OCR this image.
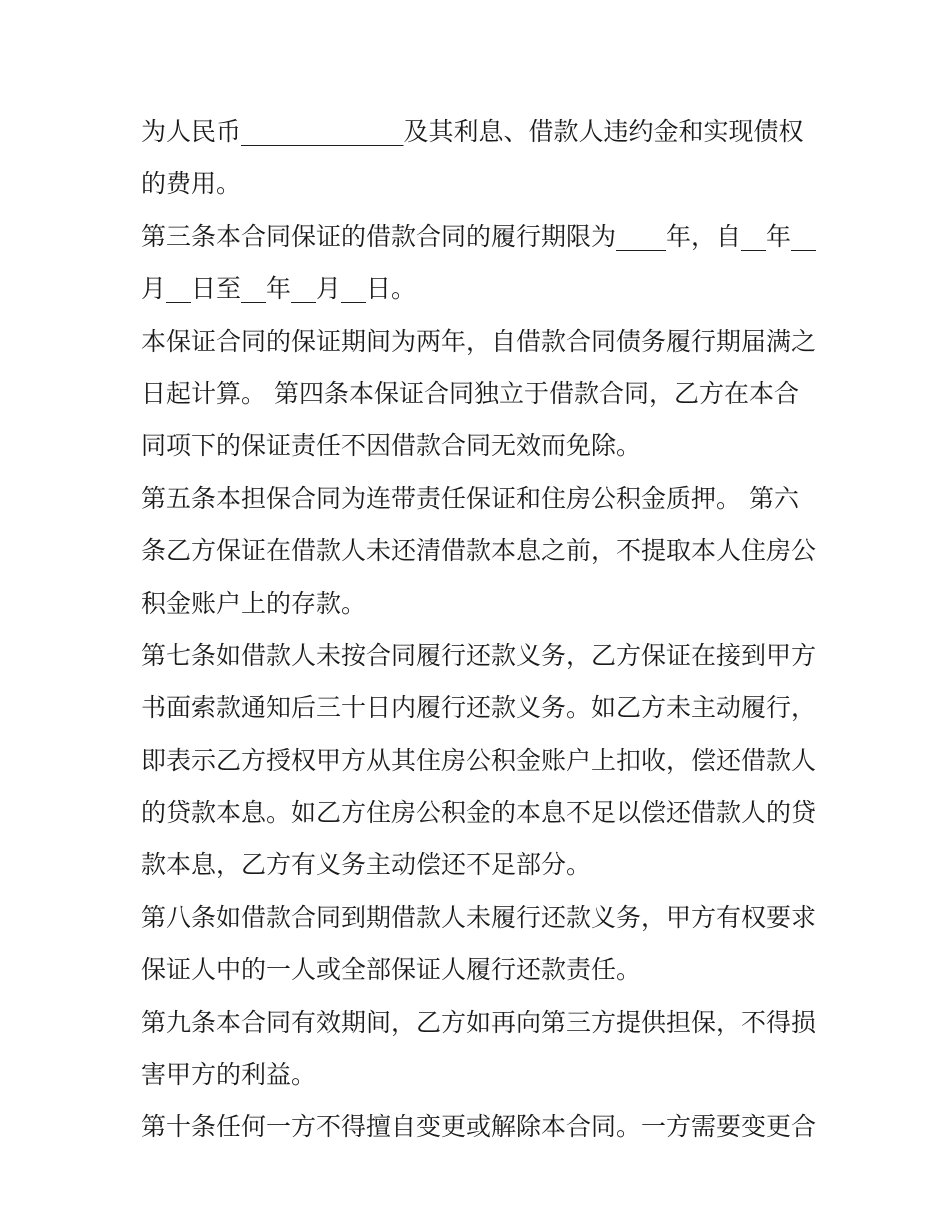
为人民币_____________及其利息、借款人违约金和实现债权
的费用。
第三条本合同保证的借款合同的履行期限为____年，自__年__
月__日至__年__月__日。
本保证合同的保证期间为两年，自借款合同债务履行期届满之
日起计算。 第四条本保证合同独立于借款合同，乙方在本合
同项下的保证责任不因借款合同无效而免除。
第五条本担保合同为连带责任保证和住房公积金质押。 第六
条乙方保证在借款人未还清借款本息之前，不提取本人住房公
积金账户上的存款。
第七条如借款人未按合同履行还款义务，乙方保证在接到甲方
书面索款通知后三十日内履行还款义务。如乙方未主动履行，
即表示乙方授权甲方从其住房公积金账户上扣收，偿还借款人
的贷款本息。如乙方住房公积金的本息不足以偿还借款人的贷
款本息，乙方有义务主动偿还不足部分。
第八条如借款合同到期借款人未履行还款义务，甲方有权要求
保证人中的一人或全部保证人履行还款责任。
第九条本合同有效期间，乙方如再向第三方提供担保，不得损
害甲方的利益。
第十条任何一方不得擅自变更或解除本合同。一方需要变更合
